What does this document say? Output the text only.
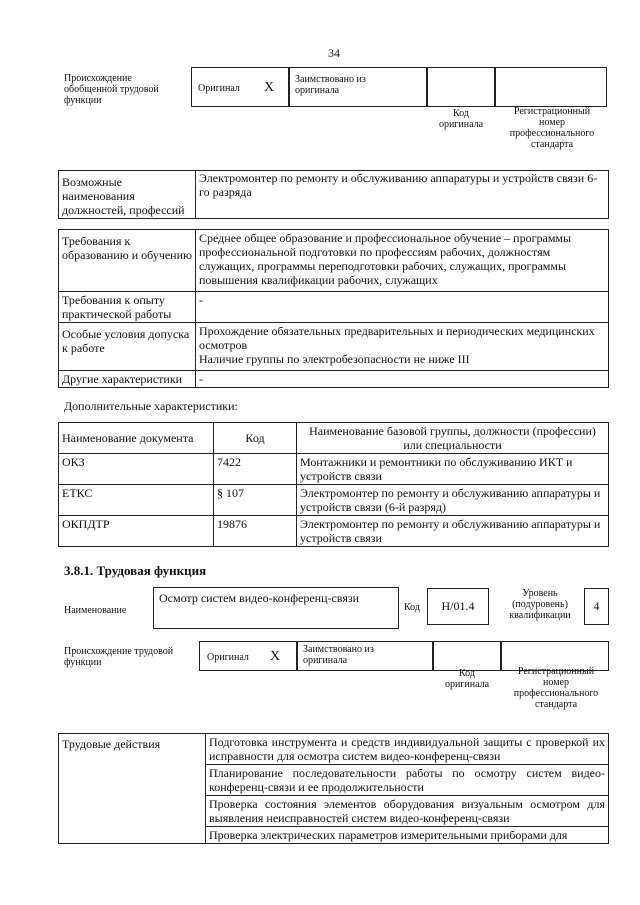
34
Происхождение обобщенной трудовой функции
Оригинал X
Заимствовано из оригинала
Код оригинала
Регистрационный номер профессионального стандарта
Возможные наименования должностей, профессий	Электромонтер по ремонту и обслуживанию аппаратуры и устройств связи 6-го разряда
Требования к образованию и обучению	Среднее общее образование и профессиональное обучение – программы профессиональной подготовки по профессиям рабочих, должностям служащих, программы переподготовки рабочих, служащих, программы повышения квалификации рабочих, служащих
Требования к опыту практической работы	-
Особые условия допуска к работе	Прохождение обязательных предварительных и периодических медицинских осмотров
Наличие группы по электробезопасности не ниже III

Другие характеристики	-
Дополнительные характеристики:
Наименование документа	Код	Наименование базовой группы, должности (профессии) или специальности
ОКЗ	7422	Монтажники и ремонтники по обслуживанию ИКТ и устройств связи
ЕТКС	§ 107	Электромонтер по ремонту и обслуживанию аппаратуры и устройств связи (6-й разряд)
ОКПДТР	19876	Электромонтер по ремонту и обслуживанию аппаратуры и устройств связи
3.8.1. Трудовая функция
Наименование
Осмотр систем видео-конференц-связи
Код	H/01.4
Уровень (подуровень) квалификации
4
Происхождение трудовой функции	Оригинал X Заимствовано из оригинала
Код оригинала
Регистрационный номер профессионального стандарта
Трудовые действия	Подготовка инструмента и средств индивидуальной защиты с проверкой их исправности для осмотра систем видео-конференц-связи
Планирование последовательности работы по осмотру систем видео-конференц-связи и ее продолжительности
Проверка состояния элементов оборудования визуальным осмотром для выявления неисправностей систем видео-конференц-связи
Проверка электрических параметров измерительными приборами для
